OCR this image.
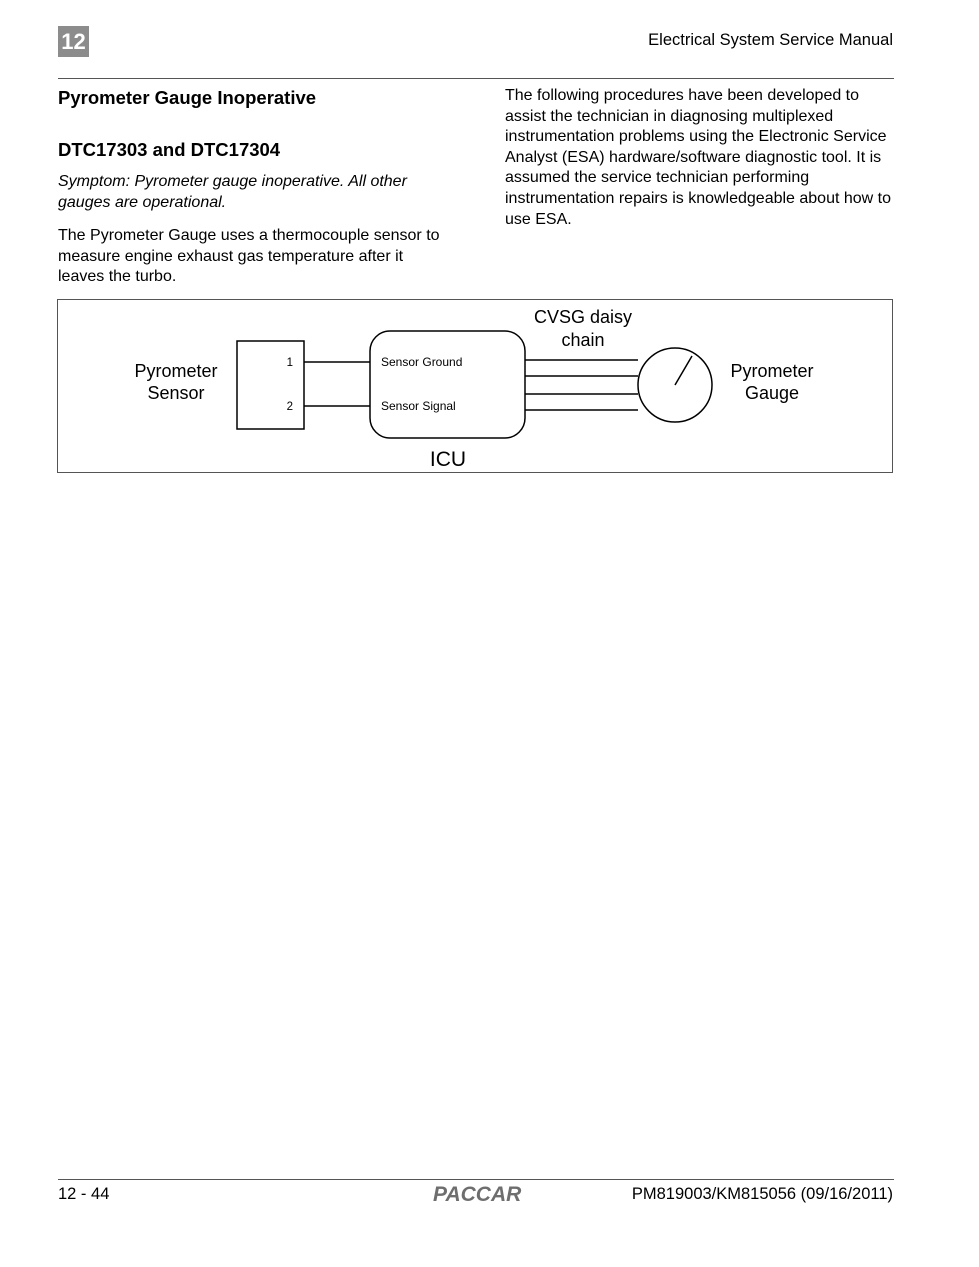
12	Electrical System Service Manual
Pyrometer Gauge Inoperative
DTC17303 and DTC17304

Symptom: Pyrometer gauge inoperative. All other gauges are operational.

The Pyrometer Gauge uses a thermocouple sensor to measure engine exhaust gas temperature after it leaves the turbo.

The following procedures have been developed to assist the technician in diagnosing multiplexed instrumentation problems using the Electronic Service Analyst (ESA) hardware/software diagnostic tool. It is assumed the service technician performing instrumentation repairs is knowledgeable about how to use ESA.

1
2
Pyrometer
Sensor
Sensor Ground
Sensor Signal
ICU
CVSG daisy
chain
Pyrometer
Gauge
12 - 44	PACCAR	PM819003/KM815056 (09/16/2011)
